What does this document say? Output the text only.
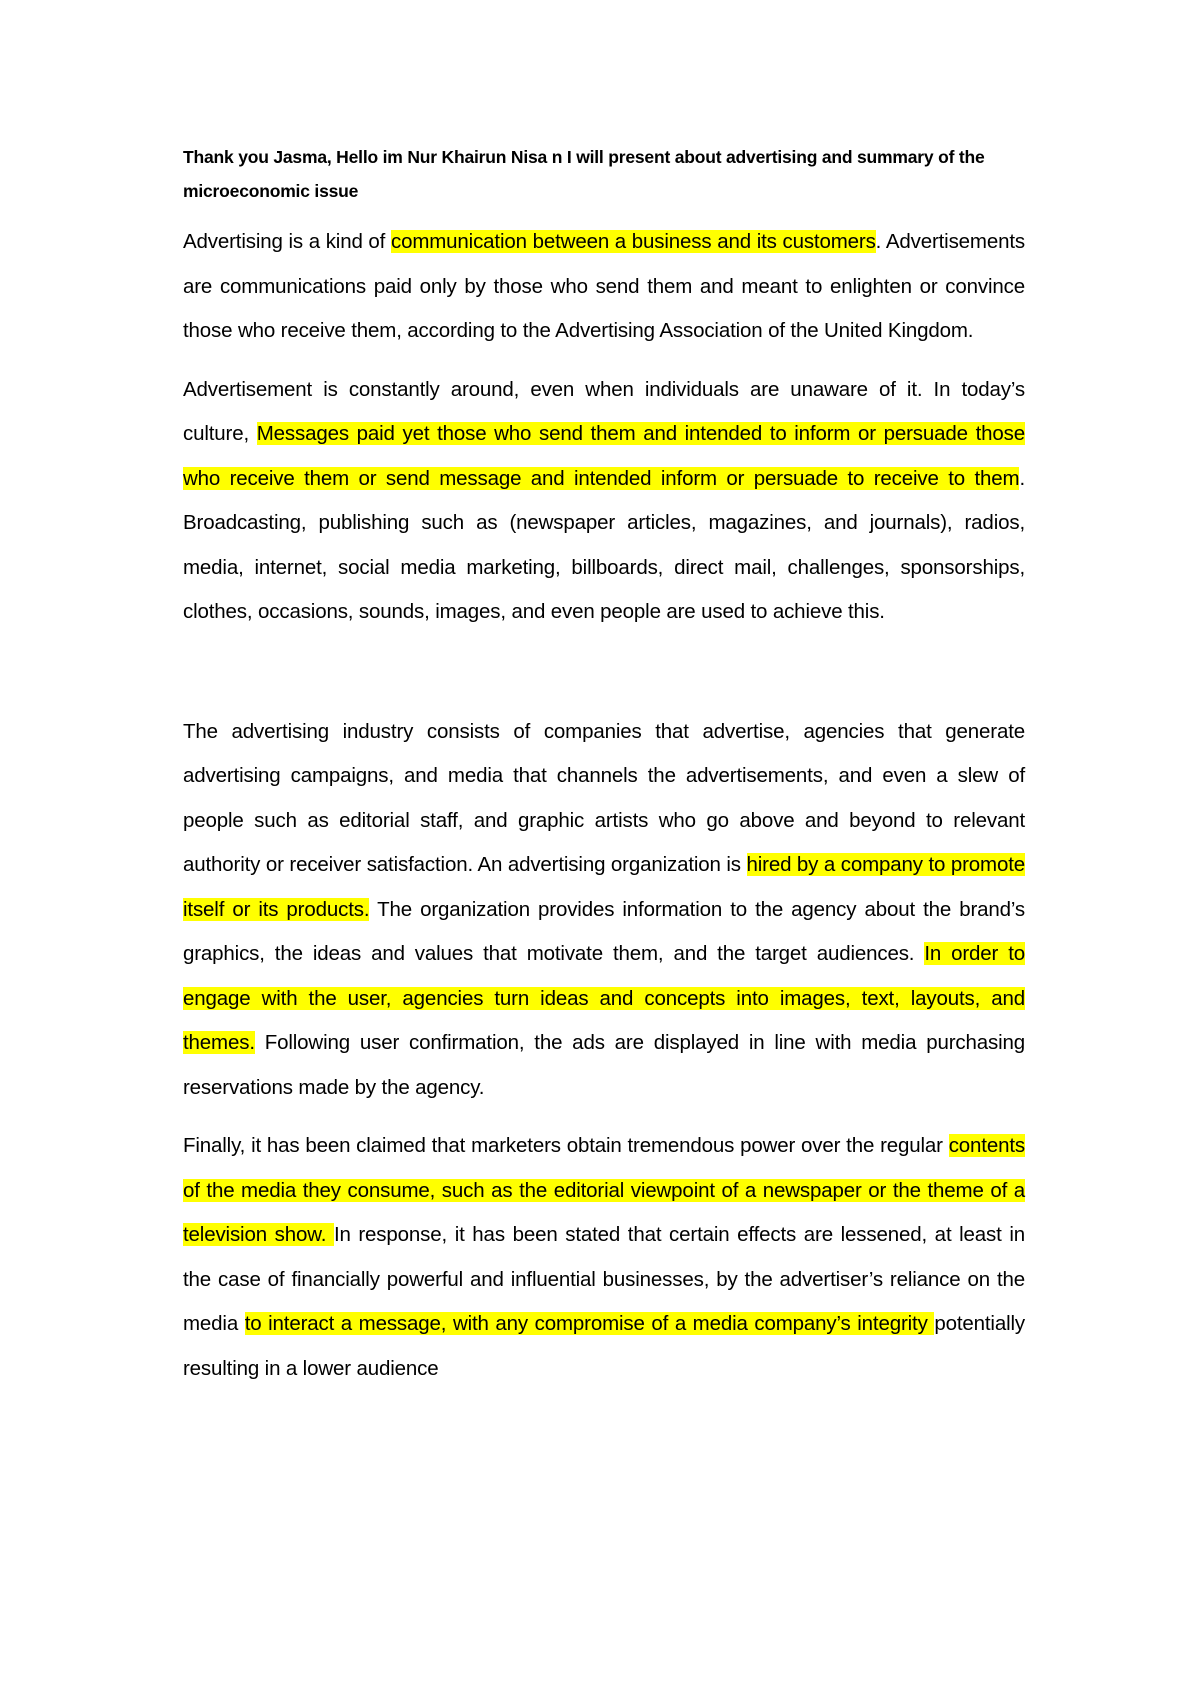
Thank you Jasma, Hello im Nur Khairun Nisa n I will present about advertising and summary of the microeconomic issue

Advertising is a kind of communication between a business and its customers. Advertisements are communications paid only by those who send them and meant to enlighten or convince those who receive them, according to the Advertising Association of the United Kingdom.

Advertisement is constantly around, even when individuals are unaware of it. In today’s culture, Messages paid yet those who send them and intended to inform or persuade those who receive them or send message and intended inform or persuade to receive to them. Broadcasting, publishing such as (newspaper articles, magazines, and journals), radios, media, internet, social media marketing, billboards, direct mail, challenges, sponsorships, clothes, occasions, sounds, images, and even people are used to achieve this.

The advertising industry consists of companies that advertise, agencies that generate advertising campaigns, and media that channels the advertisements, and even a slew of people such as editorial staff, and graphic artists who go above and beyond to relevant authority or receiver satisfaction. An advertising organization is hired by a company to promote itself or its products. The organization provides information to the agency about the brand’s graphics, the ideas and values that motivate them, and the target audiences. In order to engage with the user, agencies turn ideas and concepts into images, text, layouts, and themes. Following user confirmation, the ads are displayed in line with media purchasing reservations made by the agency.

Finally, it has been claimed that marketers obtain tremendous power over the regular contents of the media they consume, such as the editorial viewpoint of a newspaper or the theme of a television show. In response, it has been stated that certain effects are lessened, at least in the case of financially powerful and influential businesses, by the advertiser’s reliance on the media to interact a message, with any compromise of a media company’s integrity potentially resulting in a lower audience
